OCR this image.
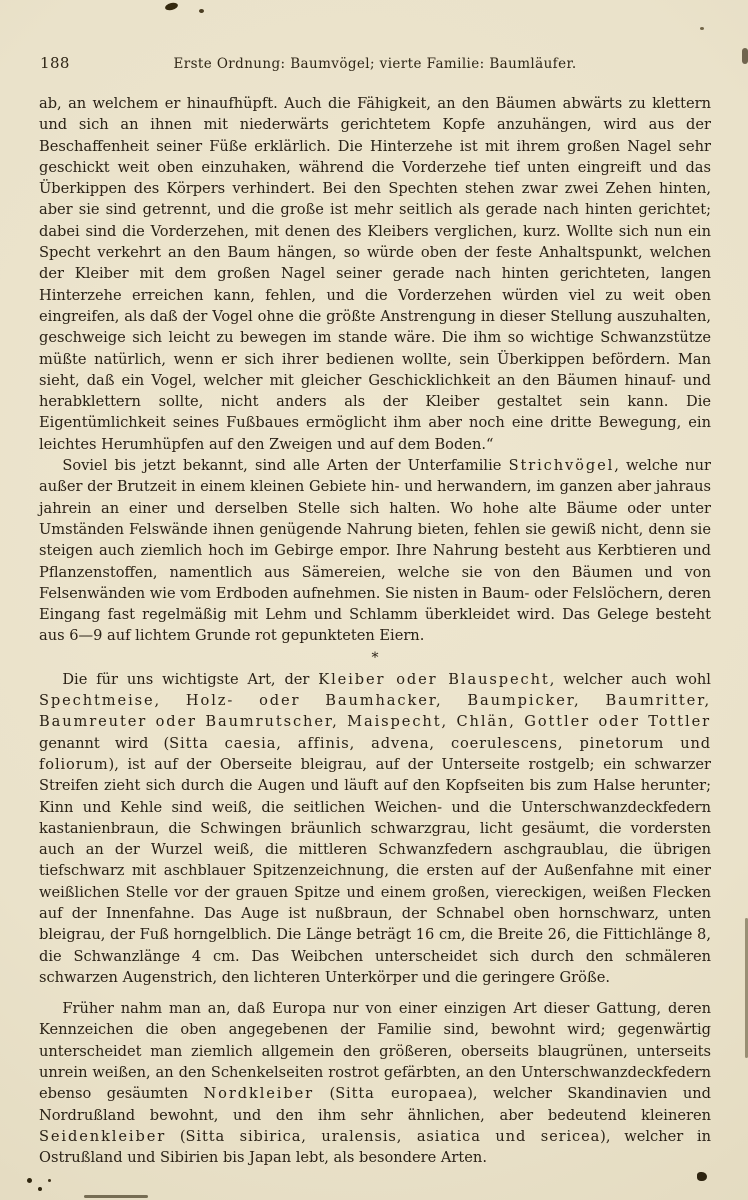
188	Erste Ordnung: Baumvögel; vierte Familie: Baumläufer.

ab, an welchem er hinaufhüpft. Auch die Fähigkeit, an den Bäumen abwärts zu klettern und sich an ihnen mit niederwärts gerichtetem Kopfe anzuhängen, wird aus der Beschaffenheit seiner Füße erklärlich. Die Hinterzehe ist mit ihrem großen Nagel sehr geschickt weit oben einzuhaken, während die Vorderzehe tief unten eingreift und das Überkippen des Körpers verhindert. Bei den Spechten stehen zwar zwei Zehen hinten, aber sie sind getrennt, und die große ist mehr seitlich als gerade nach hinten gerichtet; dabei sind die Vorderzehen, mit denen des Kleibers verglichen, kurz. Wollte sich nun ein Specht verkehrt an den Baum hängen, so würde oben der feste Anhaltspunkt, welchen der Kleiber mit dem großen Nagel seiner gerade nach hinten gerichteten, langen Hinterzehe erreichen kann, fehlen, und die Vorderzehen würden viel zu weit oben eingreifen, als daß der Vogel ohne die größte Anstrengung in dieser Stellung auszuhalten, geschweige sich leicht zu bewegen im stande wäre. Die ihm so wichtige Schwanzstütze müßte natürlich, wenn er sich ihrer bedienen wollte, sein Überkippen befördern. Man sieht, daß ein Vogel, welcher mit gleicher Geschicklichkeit an den Bäumen hinauf- und herabklettern sollte, nicht anders als der Kleiber gestaltet sein kann. Die Eigentümlichkeit seines Fußbaues ermöglicht ihm aber noch eine dritte Bewegung, ein leichtes Herumhüpfen auf den Zweigen und auf dem Boden.“

Soviel bis jetzt bekannt, sind alle Arten der Unterfamilie Strichvögel, welche nur außer der Brutzeit in einem kleinen Gebiete hin- und herwandern, im ganzen aber jahraus jahrein an einer und derselben Stelle sich halten. Wo hohe alte Bäume oder unter Umständen Felswände ihnen genügende Nahrung bieten, fehlen sie gewiß nicht, denn sie steigen auch ziemlich hoch im Gebirge empor. Ihre Nahrung besteht aus Kerbtieren und Pflanzenstoffen, namentlich aus Sämereien, welche sie von den Bäumen und von Felsenwänden wie vom Erdboden aufnehmen. Sie nisten in Baum- oder Felslöchern, deren Eingang fast regelmäßig mit Lehm und Schlamm überkleidet wird. Das Gelege besteht aus 6—9 auf lichtem Grunde rot gepunkteten Eiern.

*

Die für uns wichtigste Art, der Kleiber oder Blauspecht, welcher auch wohl Spechtmeise, Holz- oder Baumhacker, Baumpicker, Baumritter, Baumreuter oder Baumrutscher, Maispecht, Chlän, Gottler oder Tottler genannt wird (Sitta caesia, affinis, advena, coerulescens, pinetorum und foliorum), ist auf der Oberseite bleigrau, auf der Unterseite rostgelb; ein schwarzer Streifen zieht sich durch die Augen und läuft auf den Kopfseiten bis zum Halse herunter; Kinn und Kehle sind weiß, die seitlichen Weichen- und die Unterschwanzdeckfedern kastanienbraun, die Schwingen bräunlich schwarzgrau, licht gesäumt, die vordersten auch an der Wurzel weiß, die mittleren Schwanzfedern aschgraublau, die übrigen tiefschwarz mit aschblauer Spitzenzeichnung, die ersten auf der Außenfahne mit einer weißlichen Stelle vor der grauen Spitze und einem großen, viereckigen, weißen Flecken auf der Innenfahne. Das Auge ist nußbraun, der Schnabel oben hornschwarz, unten bleigrau, der Fuß horngelblich. Die Länge beträgt 16 cm, die Breite 26, die Fittichlänge 8, die Schwanzlänge 4 cm. Das Weibchen unterscheidet sich durch den schmäleren schwarzen Augenstrich, den lichteren Unterkörper und die geringere Größe.

Früher nahm man an, daß Europa nur von einer einzigen Art dieser Gattung, deren Kennzeichen die oben angegebenen der Familie sind, bewohnt wird; gegenwärtig unterscheidet man ziemlich allgemein den größeren, oberseits blaugrünen, unterseits unrein weißen, an den Schenkelseiten rostrot gefärbten, an den Unterschwanzdeckfedern ebenso gesäumten Nordkleiber (Sitta europaea), welcher Skandinavien und Nordrußland bewohnt, und den ihm sehr ähnlichen, aber bedeutend kleineren Seidenkleiber (Sitta sibirica, uralensis, asiatica und sericea), welcher in Ostrußland und Sibirien bis Japan lebt, als besondere Arten.
